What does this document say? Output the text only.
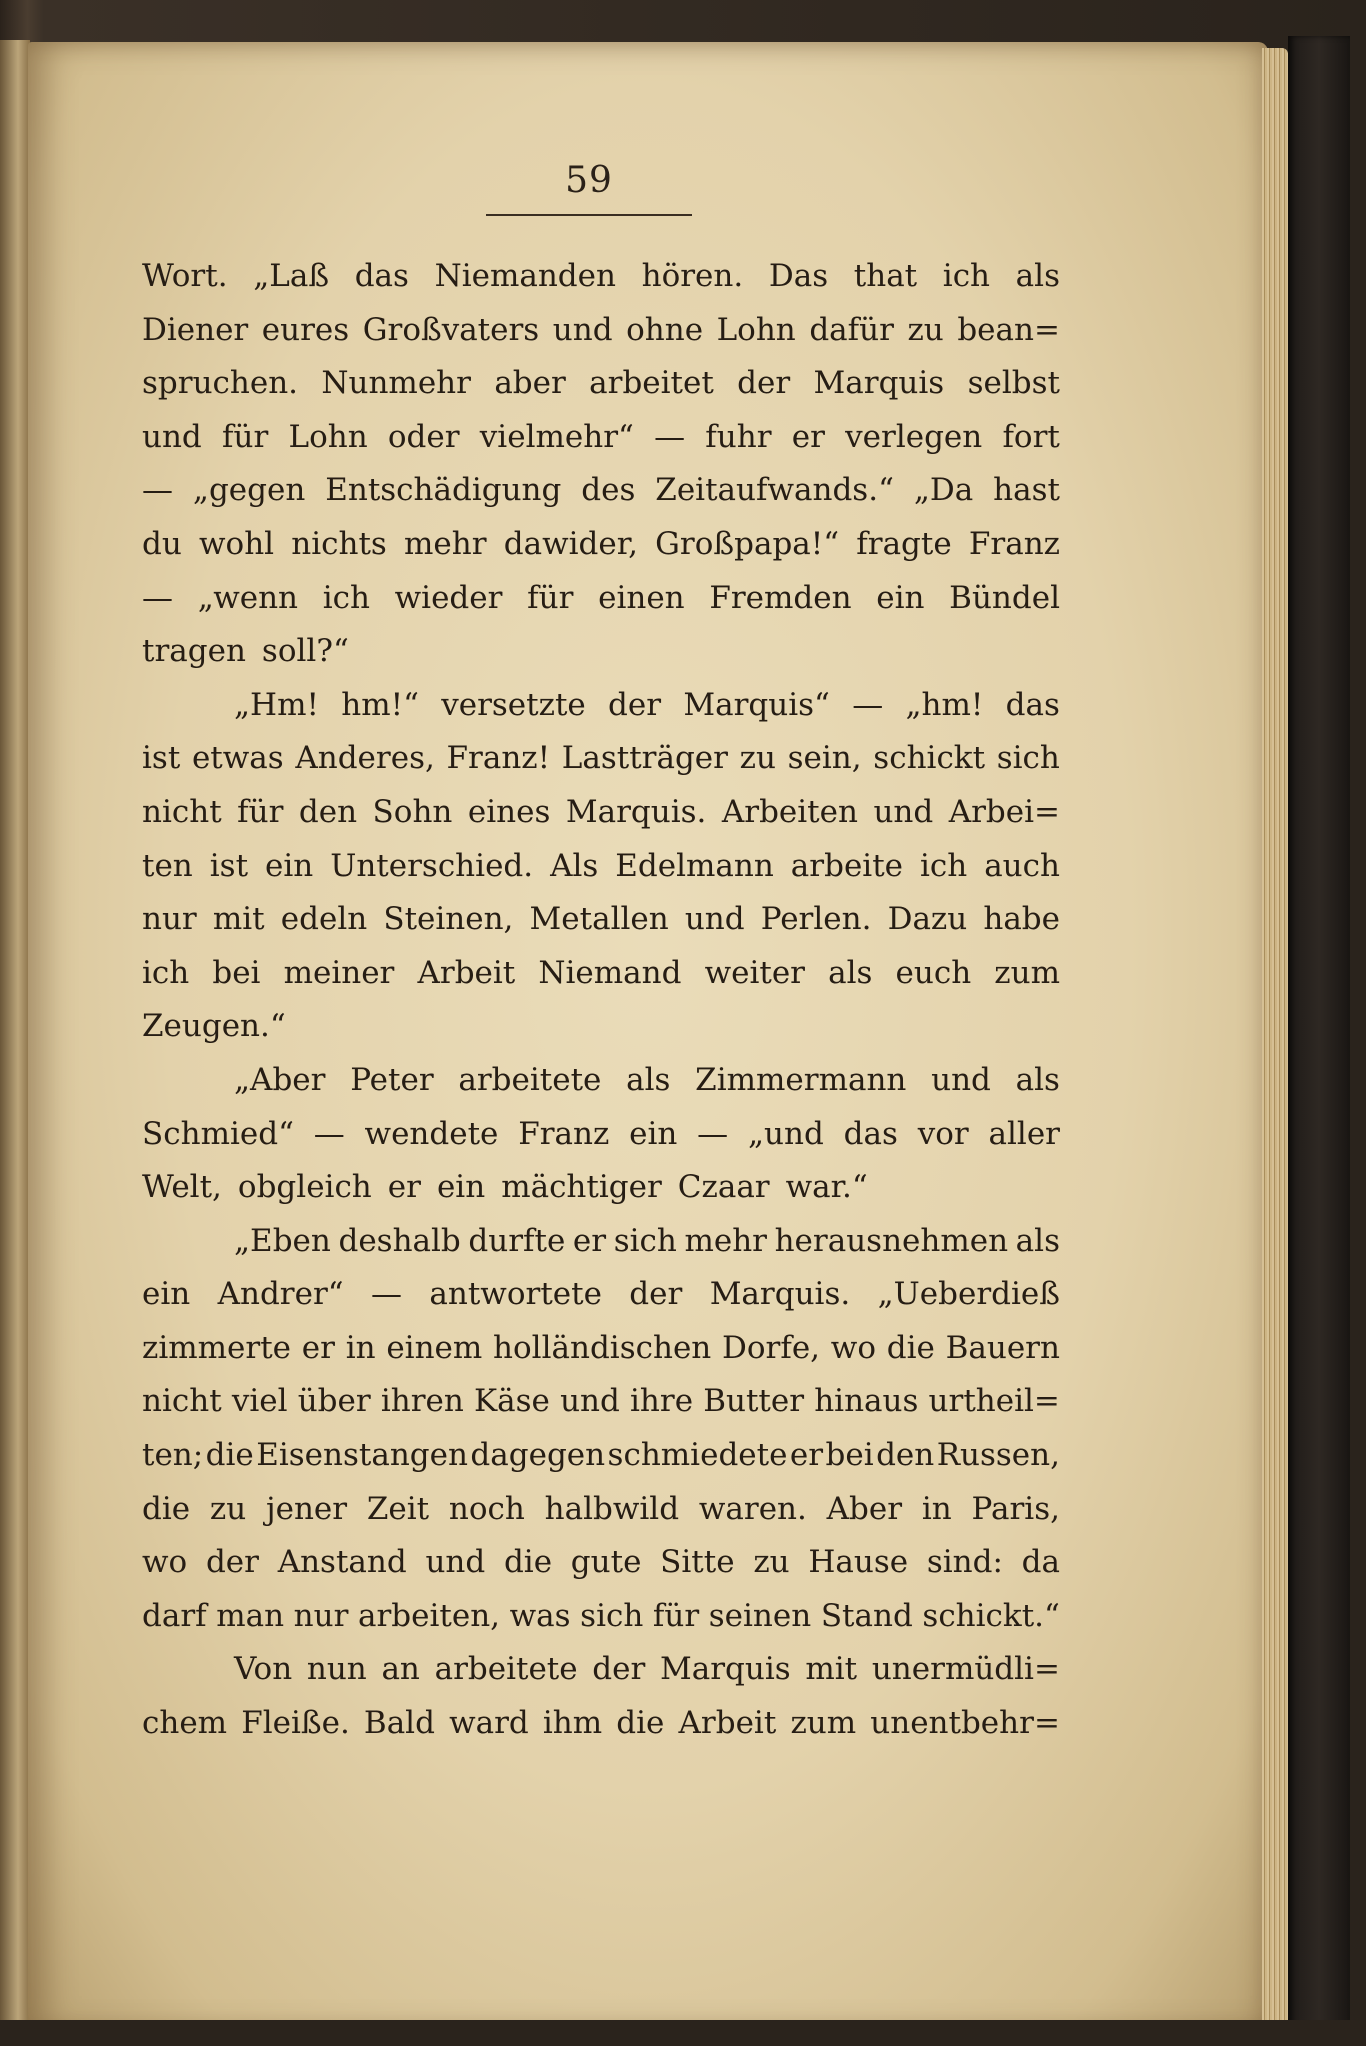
59
Wort. „Laß das Niemanden hören. Das that ich als
Diener eures Großvaters und ohne Lohn dafür zu bean=
spruchen. Nunmehr aber arbeitet der Marquis selbst
und für Lohn oder vielmehr“ — fuhr er verlegen fort
— „gegen Entschädigung des Zeitaufwands.“ „Da hast
du wohl nichts mehr dawider, Großpapa!“ fragte Franz
— „wenn ich wieder für einen Fremden ein Bündel
tragen soll?“
„Hm! hm!“ versetzte der Marquis“ — „hm! das
ist etwas Anderes, Franz! Lastträger zu sein, schickt sich
nicht für den Sohn eines Marquis. Arbeiten und Arbei=
ten ist ein Unterschied. Als Edelmann arbeite ich auch
nur mit edeln Steinen, Metallen und Perlen. Dazu habe
ich bei meiner Arbeit Niemand weiter als euch zum
Zeugen.“
„Aber Peter arbeitete als Zimmermann und als
Schmied“ — wendete Franz ein — „und das vor aller
Welt, obgleich er ein mächtiger Czaar war.“
„Eben deshalb durfte er sich mehr herausnehmen als
ein Andrer“ — antwortete der Marquis. „Ueberdieß
zimmerte er in einem holländischen Dorfe, wo die Bauern
nicht viel über ihren Käse und ihre Butter hinaus urtheil=
ten; die Eisenstangen dagegen schmiedete er bei den Russen,
die zu jener Zeit noch halbwild waren. Aber in Paris,
wo der Anstand und die gute Sitte zu Hause sind: da
darf man nur arbeiten, was sich für seinen Stand schickt.“
Von nun an arbeitete der Marquis mit unermüdli=
chem Fleiße. Bald ward ihm die Arbeit zum unentbehr=
